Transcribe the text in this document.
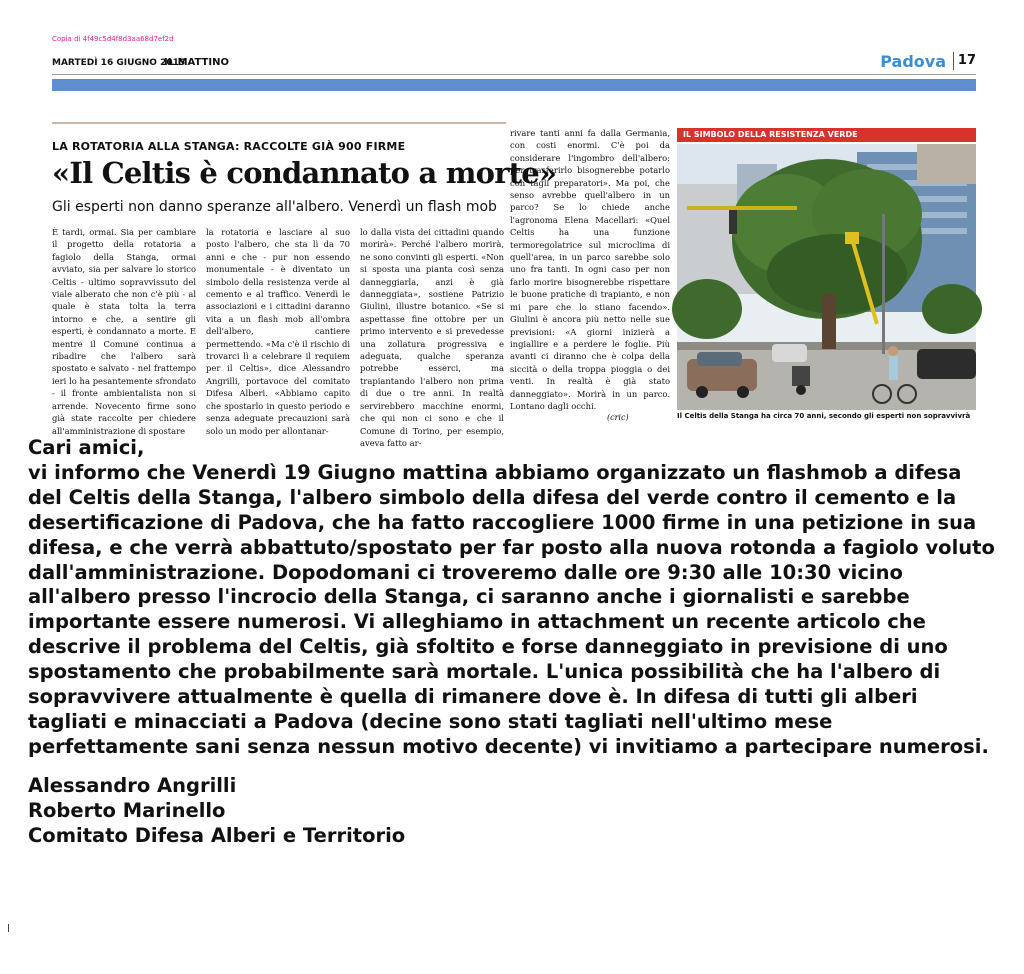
Copia di 4f49c5d4f8d3aa68d7ef2d
MARTEDÌ 16 GIUGNO 2015
IL MATTINO	Padova 17
LA ROTATORIA ALLA STANGA: RACCOLTE GIÀ 900 FIRME
«Il Celtis è condannato a morte»
Gli esperti non danno speranze all'albero. Venerdì un flash mob
È tardi, ormai. Sia per cambiare il progetto della rotatoria a fagiolo della Stanga, ormai avviato, sia per salvare lo storico Celtis - ultimo sopravvissuto del viale alberato che non c'è più - al quale è stata tolta la terra intorno e che, a sentire gli esperti, è condannato a morte. E mentre il Comune continua a ribadire che l'albero sarà spostato e salvato - nel frattempo ieri lo ha pesantemente sfrondato - il fronte ambientalista non si arrende. Novecento firme sono già state raccolte per chiedere all'amministrazione di spostare
la rotatoria e lasciare al suo posto l'albero, che sta lì da 70 anni e che - pur non essendo monumentale - è diventato un simbolo della resistenza verde al cemento e al traffico. Venerdì le associazioni e i cittadini daranno vita a un flash mob all'ombra dell'albero, cantiere permettendo. «Ma c'è il rischio di trovarci lì a celebrare il requiem per il Celtis», dice Alessandro Angrilli, portavoce del comitato Difesa Alberi. «Abbiamo capito che spostarlo in questo periodo e senza adeguate precauzioni sarà solo un modo per allontanar-
lo dalla vista dei cittadini quando morirà». Perché l'albero morirà, ne sono convinti gli esperti. «Non si sposta una pianta così senza danneggiarla, anzi è già danneggiata», sostiene Patrizio Giulini, illustre botanico. «Se si aspettasse fine ottobre per un primo intervento e si prevedesse una zollatura progressiva e adeguata, qualche speranza potrebbe esserci, ma trapiantando l'albero non prima di due o tre anni. In realtà servirebbero macchine enormi, che qui non ci sono e che il Comune di Torino, per esempio, aveva fatto ar-
rivare tanti anni fa dalla Germania, con costi enormi. C'è poi da considerare l'ingombro dell'albero: per trasferirlo bisognerebbe potarlo con tagli preparatori». Ma poi, che senso avrebbe quell'albero in un parco? Se lo chiede anche l'agronoma Elena Macellari: «Quel Celtis ha una funzione termoregolatrice sul microclima di quell'area, in un parco sarebbe solo uno fra tanti. In ogni caso per non farlo morire bisognerebbe rispettare le buone pratiche di trapianto, e non mi pare che lo stiano facendo». Giulini è ancora più netto nelle sue previsioni: «A giorni inizierà a ingiallire e a perdere le foglie. Più avanti ci diranno che è colpa della siccità o della troppa pioggia o dei venti. In realtà è già stato danneggiato». Morirà in un parco. Lontano dagli occhi.
(cric)
IL SIMBOLO DELLA RESISTENZA VERDE
Il Celtis della Stanga ha circa 70 anni, secondo gli esperti non sopravvivrà

Cari amici,

vi informo che Venerdì 19 Giugno mattina abbiamo organizzato un flashmob a difesa del Celtis della Stanga, l'albero simbolo della difesa del verde contro il cemento e la desertificazione di Padova, che ha fatto raccogliere 1000 firme in una petizione in sua difesa, e che verrà abbattuto/spostato per far posto alla nuova rotonda a fagiolo voluto dall'amministrazione. Dopodomani ci troveremo dalle ore 9:30 alle 10:30 vicino all'albero presso l'incrocio della Stanga, ci saranno anche i giornalisti e sarebbe importante essere numerosi. Vi alleghiamo in attachment un recente articolo che descrive il problema del Celtis, già sfoltito e forse danneggiato in previsione di uno spostamento che probabilmente sarà mortale. L'unica possibilità che ha l'albero di sopravvivere attualmente è quella di rimanere dove è. In difesa di tutti gli alberi tagliati e minacciati a Padova (decine sono stati tagliati nell'ultimo mese perfettamente sani senza nessun motivo decente) vi invitiamo a partecipare numerosi.

Alessandro Angrilli

Roberto Marinello

Comitato Difesa Alberi e Territorio
